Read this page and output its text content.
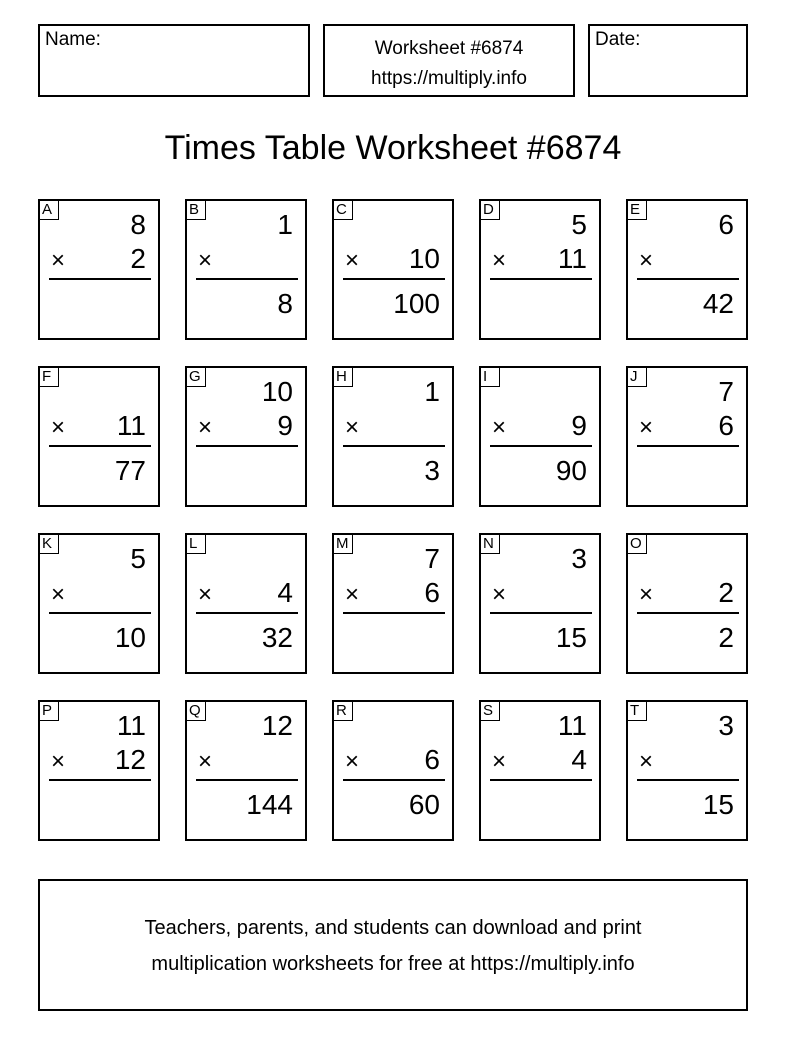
Name:	Worksheet #6874
https://multiply.info
Date:
Times Table Worksheet #6874
A	8
× 2
B	1
×
8
C
× 10
100
D	5
× 11
E	6
×
42
F
× 11
77
G 10
× 9
H	1
×
3
I
× 9
90
J	7
× 6
K	5
×
10
L
× 4
32
M	7
× 6
N	3
×
15
O
× 2
2
P 11
× 12
Q 12
×
144
R
× 6
60
S 11
× 4
T	3
×
15
Teachers, parents, and students can download and print
multiplication worksheets for free at https://multiply.info
